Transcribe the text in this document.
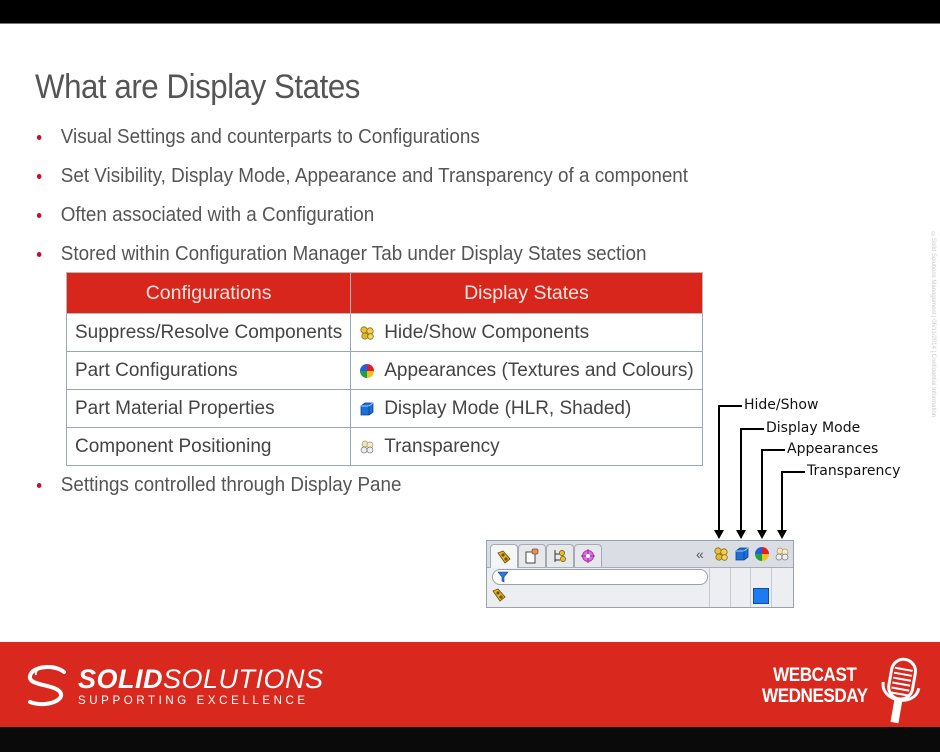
What are Display States
Visual Settings and counterparts to Configurations
Set Visibility, Display Mode, Appearance and Transparency of a component
Often associated with a Configuration
Stored within Configuration Manager Tab under Display States section
Configurations	Display States
Suppress/Resolve Components	Hide/Show Components

Part Configurations	Appearances (Textures and Colours)

Part Material Properties	Display Mode (HLR, Shaded)

Component Positioning	Transparency
Settings controlled through Display Pane
Hide/Show
Display Mode
Appearances
Transparency
«
©Solid Solutions Management | 06/11/2014 | Confidential Information
SOLIDSOLUTIONS
SUPPORTING EXCELLENCE
WEBCAST
WEDNESDAY
